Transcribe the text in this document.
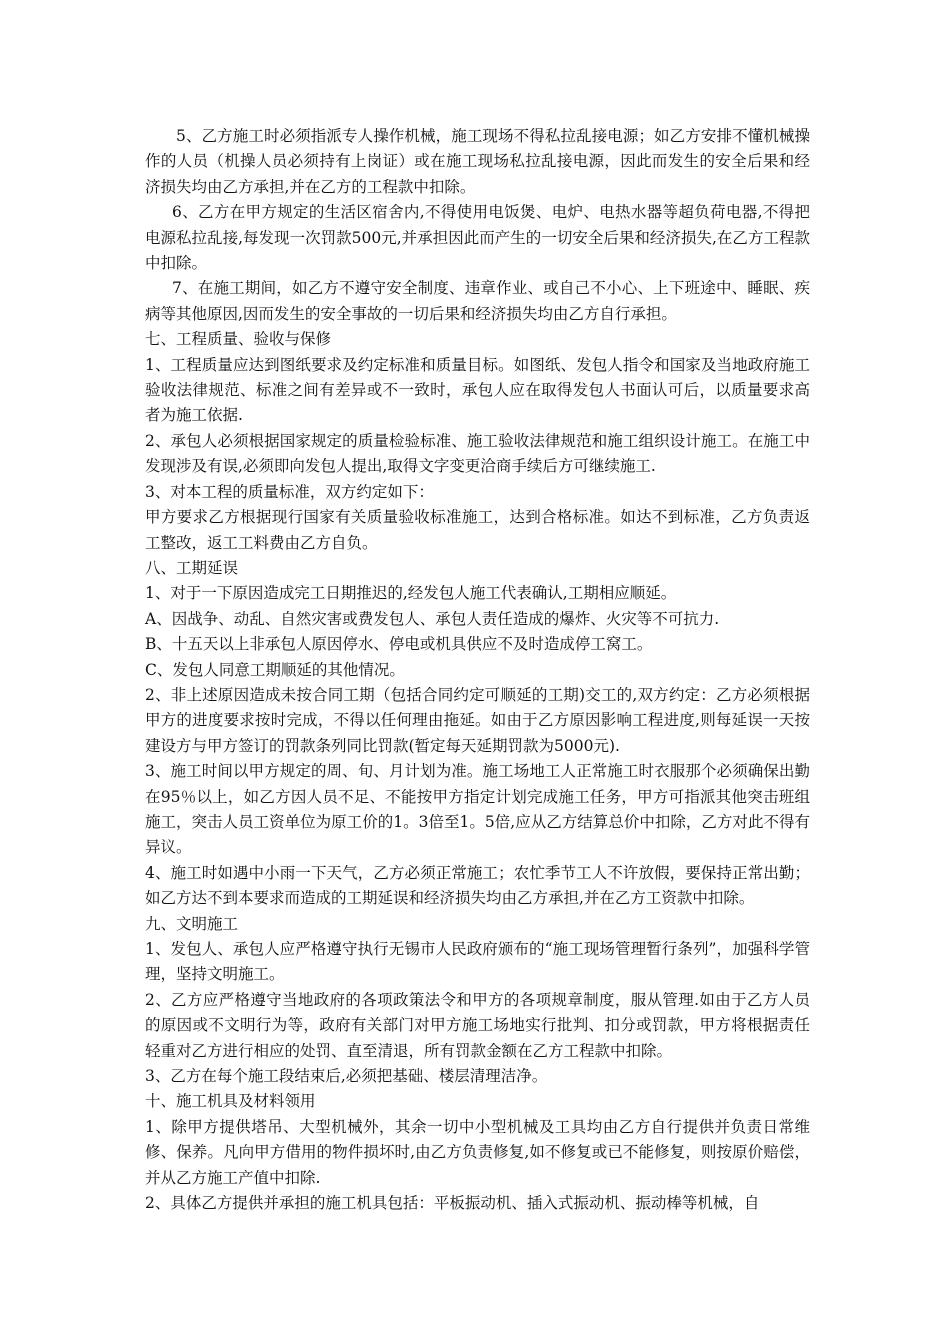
5、乙方施工时必须指派专人操作机械，施工现场不得私拉乱接电源；如乙方安排不懂机械操作的人员（机操人员必须持有上岗证）或在施工现场私拉乱接电源，因此而发生的安全后果和经济损失均由乙方承担,并在乙方的工程款中扣除。

6、乙方在甲方规定的生活区宿舍内,不得使用电饭煲、电炉、电热水器等超负荷电器,不得把电源私拉乱接,每发现一次罚款500元,并承担因此而产生的一切安全后果和经济损失,在乙方工程款中扣除。

7、在施工期间，如乙方不遵守安全制度、违章作业、或自己不小心、上下班途中、睡眠、疾病等其他原因,因而发生的安全事故的一切后果和经济损失均由乙方自行承担。

七、工程质量、验收与保修

1、工程质量应达到图纸要求及约定标准和质量目标。如图纸、发包人指令和国家及当地政府施工验收法律规范、标准之间有差异或不一致时，承包人应在取得发包人书面认可后，以质量要求高者为施工依据.

2、承包人必须根据国家规定的质量检验标准、施工验收法律规范和施工组织设计施工。在施工中发现涉及有误,必须即向发包人提出,取得文字变更洽商手续后方可继续施工.

3、对本工程的质量标准，双方约定如下：

甲方要求乙方根据现行国家有关质量验收标准施工，达到合格标准。如达不到标准，乙方负责返工整改，返工工料费由乙方自负。

八、工期延误

1、对于一下原因造成完工日期推迟的,经发包人施工代表确认,工期相应顺延。

A、因战争、动乱、自然灾害或费发包人、承包人责任造成的爆炸、火灾等不可抗力.

B、十五天以上非承包人原因停水、停电或机具供应不及时造成停工窝工。

C、发包人同意工期顺延的其他情况。

2、非上述原因造成未按合同工期（包括合同约定可顺延的工期)交工的,双方约定：乙方必须根据甲方的进度要求按时完成，不得以任何理由拖延。如由于乙方原因影响工程进度,则每延误一天按建设方与甲方签订的罚款条列同比罚款(暂定每天延期罚款为5000元).

3、施工时间以甲方规定的周、旬、月计划为准。施工场地工人正常施工时衣服那个必须确保出勤在95％以上，如乙方因人员不足、不能按甲方指定计划完成施工任务，甲方可指派其他突击班组施工，突击人员工资单位为原工价的1。3倍至1。5倍,应从乙方结算总价中扣除，乙方对此不得有异议。

4、施工时如遇中小雨一下天气，乙方必须正常施工；农忙季节工人不许放假，要保持正常出勤；如乙方达不到本要求而造成的工期延误和经济损失均由乙方承担,并在乙方工资款中扣除。

九、文明施工

1、发包人、承包人应严格遵守执行无锡市人民政府颁布的“施工现场管理暂行条列”，加强科学管理，坚持文明施工。

2、乙方应严格遵守当地政府的各项政策法令和甲方的各项规章制度，服从管理.如由于乙方人员的原因或不文明行为等，政府有关部门对甲方施工场地实行批判、扣分或罚款，甲方将根据责任轻重对乙方进行相应的处罚、直至清退，所有罚款金额在乙方工程款中扣除。

3、乙方在每个施工段结束后,必须把基础、楼层清理洁净。

十、施工机具及材料领用

1、除甲方提供塔吊、大型机械外，其余一切中小型机械及工具均由乙方自行提供并负责日常维修、保养。凡向甲方借用的物件损坏时,由乙方负责修复,如不修复或已不能修复，则按原价赔偿，并从乙方施工产值中扣除.

2、具体乙方提供并承担的施工机具包括：平板振动机、插入式振动机、振动棒等机械，自
